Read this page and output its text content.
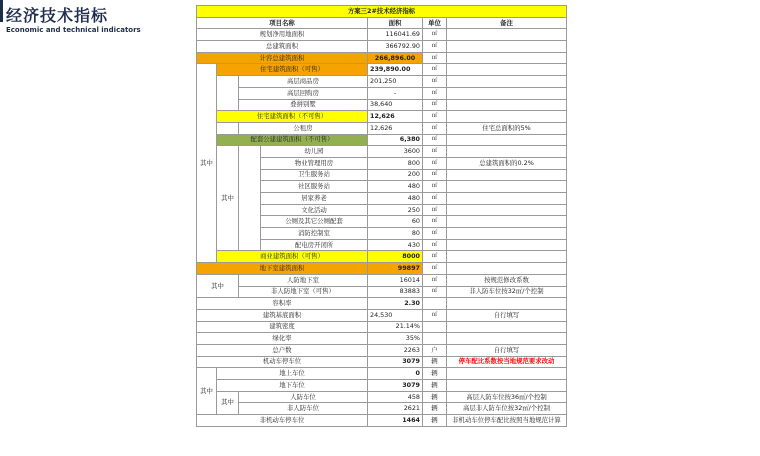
经济技术指标
Economic and technical indicators
方案三2#技术经济指标						
项目名称				面积	单位	备注
规划净用地面积				116041.69	㎡	
总建筑面积				366792.90	㎡	
计容总建筑面积				266,896.00	㎡	
其中	住宅建筑面积（可售）			239,890.00	㎡	
		高层商品房		201,250	㎡	
		高层回购房		-	㎡	
		叠拼别墅		38,640	㎡	
	住宅建筑面积（不可售）			12,626	㎡	
		公租房		12,626	㎡	住宅总面积的5%
	配套公建建筑面积（不可售）			6,380	㎡	
	其中		幼儿园	3600	㎡	
			物业管理用房	800	㎡	总建筑面积的0.2%
			卫生服务站	200	㎡	
			社区服务站	480	㎡	
			居家养老	480	㎡	
			文化活动	250	㎡	
			公厕及其它公厕配套	60	㎡	
			消防控制室	80	㎡	
			配电房开闭所	430	㎡	
	商业建筑面积（可售）			8000	㎡	
地下室建筑面积				99897	㎡	
其中		人防地下室		16014	㎡	按规范修改系数
		非人防地下室（可售）		83883	㎡	非人防车位按32㎡/个控制
容积率				2.30		
建筑基底面积				24,530	㎡	自行填写
建筑密度				21.14%		
绿化率				35%		
总户数				2263	户	自行填写
机动车停车位				3079	辆	停车配比系数按当地规范要求改动
其中	地上车位			0	辆	
	地下车位			3079	辆	
	其中	人防车位		458	辆	高层人防车位按36㎡/个控制
		非人防车位		2621	辆	高层非人防车位按32㎡/个控制
非机动车停车位				1464	辆	非机动车位停车配比按照当地规范计算
